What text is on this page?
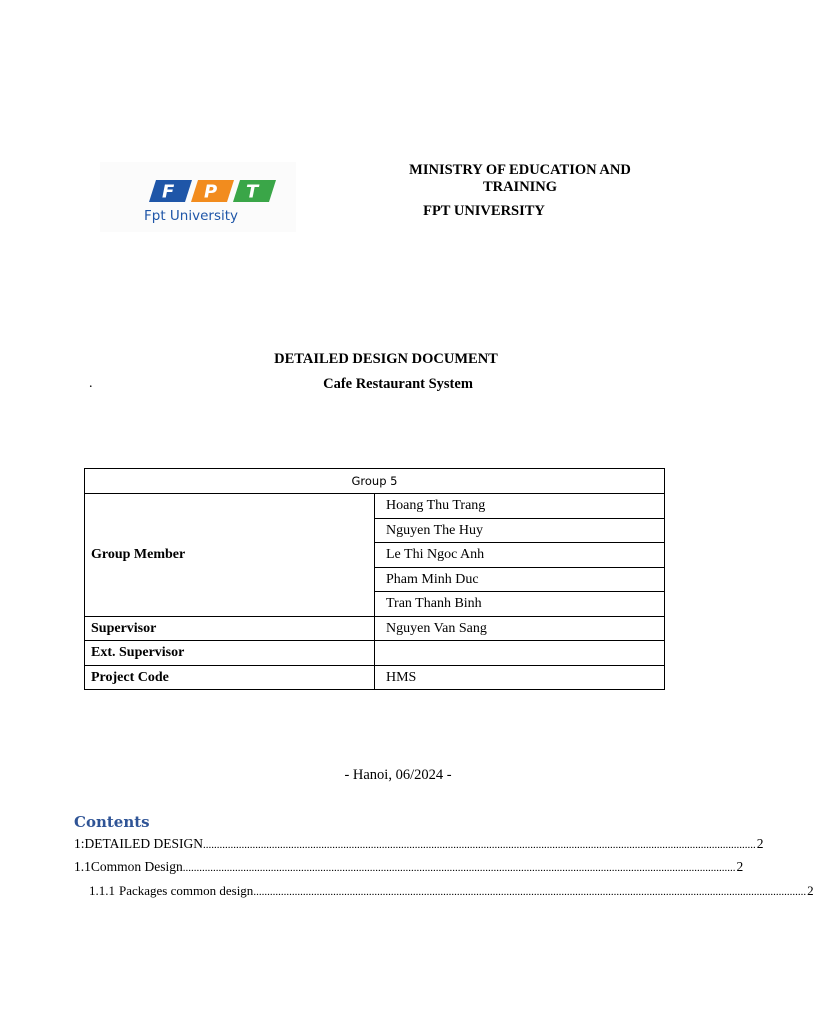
F P T
Fpt University
MINISTRY OF EDUCATION AND TRAINING
FPT UNIVERSITY
DETAILED DESIGN DOCUMENT
.	Cafe Restaurant System
Group 5	
Group Member	Hoang Thu Trang
	Nguyen The Huy
	Le Thi Ngoc Anh
	Pham Minh Duc
	Tran Thanh Binh
Supervisor	Nguyen Van Sang
Ext. Supervisor	
Project Code	HMS
- Hanoi, 06/2024 -
Contents
1: DETAILED DESIGN ......................................................................................................................................................................................................... 2
1.1 Common Design ......................................................................................................................................................................................................... 2
1.1.1 Packages common design ......................................................................................................................................................................................................... 2
